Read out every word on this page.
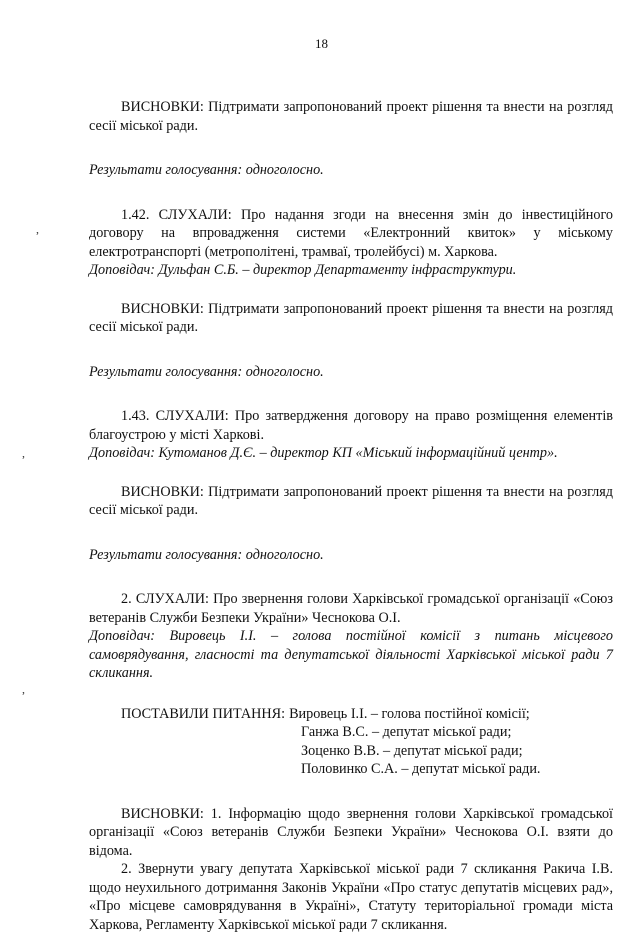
18
,
,
,

ВИСНОВКИ: Підтримати запропонований проект рішення та внести на розгляд сесії міської ради.

Результати голосування: одноголосно.

1.42. СЛУХАЛИ: Про надання згоди на внесення змін до інвестиційного договору на впровадження системи «Електронний квиток» у міському електротранспорті (метрополітені, трамваї, тролейбусі) м. Харкова.

Доповідач: Дульфан С.Б. – директор Департаменту інфраструктури.

ВИСНОВКИ: Підтримати запропонований проект рішення та внести на розгляд сесії міської ради.

Результати голосування: одноголосно.

1.43. СЛУХАЛИ: Про затвердження договору на право розміщення елементів благоустрою у місті Харкові.

Доповідач: Кутоманов Д.Є. – директор КП «Міський інформаційний центр».

ВИСНОВКИ: Підтримати запропонований проект рішення та внести на розгляд сесії міської ради.

Результати голосування: одноголосно.

2. СЛУХАЛИ: Про звернення голови Харківської громадської організації «Союз ветеранів Служби Безпеки України» Чеснокова О.І.

Доповідач: Вировець І.І. – голова постійної комісії з питань місцевого самоврядування, гласності та депутатської діяльності Харківської міської ради 7 скликання.

ПОСТАВИЛИ ПИТАННЯ: Вировець І.І. – голова постійної комісії;
Ганжа В.С. – депутат міської ради;
Зоценко В.В. – депутат міської ради;
Половинко С.А. – депутат міської ради.

ВИСНОВКИ: 1. Інформацію щодо звернення голови Харківської громадської організації «Союз ветеранів Служби Безпеки України» Чеснокова О.І. взяти до відома.

2. Звернути увагу депутата Харківської міської ради 7 скликання Ракича І.В. щодо неухильного дотримання Законів України «Про статус депутатів місцевих рад», «Про місцеве самоврядування в Україні», Статуту територіальної громади міста Харкова, Регламенту Харківської міської ради 7 скликання.
